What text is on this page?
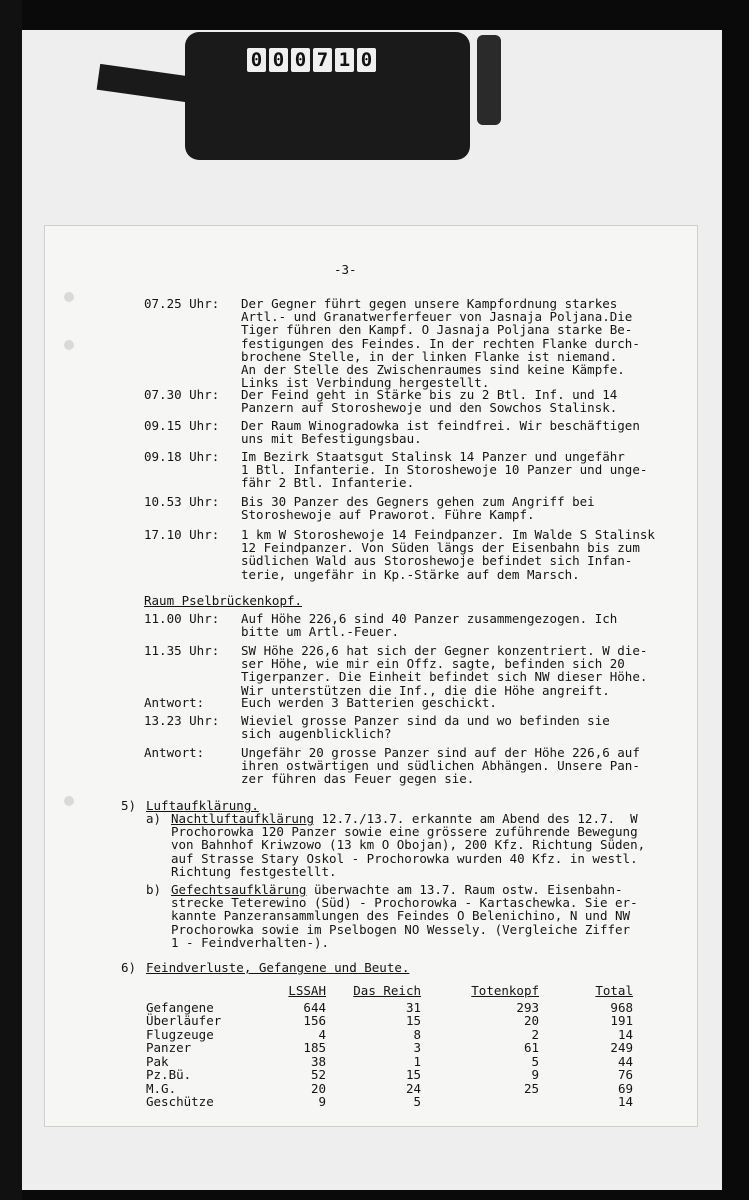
0 0 0 7 1 0
-3-
07.25 Uhr: Der Gegner führt gegen unsere Kampfordnung starkes
Artl.- und Granatwerferfeuer von Jasnaja Poljana.Die
Tiger führen den Kampf. O Jasnaja Poljana starke Be-
festigungen des Feindes. In der rechten Flanke durch-
brochene Stelle, in der linken Flanke ist niemand.
An der Stelle des Zwischenraumes sind keine Kämpfe.
Links ist Verbindung hergestellt.
07.30 Uhr: Der Feind geht in Stärke bis zu 2 Btl. Inf. und 14
Panzern auf Storoshewoje und den Sowchos Stalinsk.
09.15 Uhr: Der Raum Winogradowka ist feindfrei. Wir beschäftigen
uns mit Befestigungsbau.
09.18 Uhr: Im Bezirk Staatsgut Stalinsk 14 Panzer und ungefähr
1 Btl. Infanterie. In Storoshewoje 10 Panzer und unge-
fähr 2 Btl. Infanterie.
10.53 Uhr: Bis 30 Panzer des Gegners gehen zum Angriff bei
Storoshewoje auf Praworot. Führe Kampf.
17.10 Uhr: 1 km W Storoshewoje 14 Feindpanzer. Im Walde S Stalinsk
12 Feindpanzer. Von Süden längs der Eisenbahn bis zum
südlichen Wald aus Storoshewoje befindet sich Infan-
terie, ungefähr in Kp.-Stärke auf dem Marsch.
Raum Pselbrückenkopf.
11.00 Uhr: Auf Höhe 226,6 sind 40 Panzer zusammengezogen. Ich
bitte um Artl.-Feuer.
11.35 Uhr: SW Höhe 226,6 hat sich der Gegner konzentriert. W die-
ser Höhe, wie mir ein Offz. sagte, befinden sich 20
Tigerpanzer. Die Einheit befindet sich NW dieser Höhe.
Wir unterstützen die Inf., die die Höhe angreift.
Antwort:	Euch werden 3 Batterien geschickt.
13.23 Uhr: Wieviel grosse Panzer sind da und wo befinden sie
sich augenblicklich?
Antwort:	Ungefähr 20 grosse Panzer sind auf der Höhe 226,6 auf
ihren ostwärtigen und südlichen Abhängen. Unsere Pan-
zer führen das Feuer gegen sie.
5) Luftaufklärung.
a) Nachtluftaufklärung 12.7./13.7. erkannte am Abend des 12.7.  W
Prochorowka 120 Panzer sowie eine grössere zuführende Bewegung
von Bahnhof Kriwzowo (13 km O Obojan), 200 Kfz. Richtung Süden,
auf Strasse Stary Oskol - Prochorowka wurden 40 Kfz. in westl.
Richtung festgestellt.
b) Gefechtsaufklärung überwachte am 13.7. Raum ostw. Eisenbahn-
strecke Teterewino (Süd) - Prochorowka - Kartaschewka. Sie er-
kannte Panzeransammlungen des Feindes O Belenichino, N und NW
Prochorowka sowie im Pselbogen NO Wessely. (Vergleiche Ziffer
1 - Feindverhalten-).
6) Feindverluste, Gefangene und Beute.
	LSSAH	Das Reich	Totenkopf	Total
Gefangene	644	31	293	968
Überläufer	156	15	20	191
Flugzeuge	4	8	2	14
Panzer	185	3	61	249
Pak	38	1	5	44
Pz.Bü.	52	15	9	76
M.G.	20	24	25	69
Geschütze	9	5		14
